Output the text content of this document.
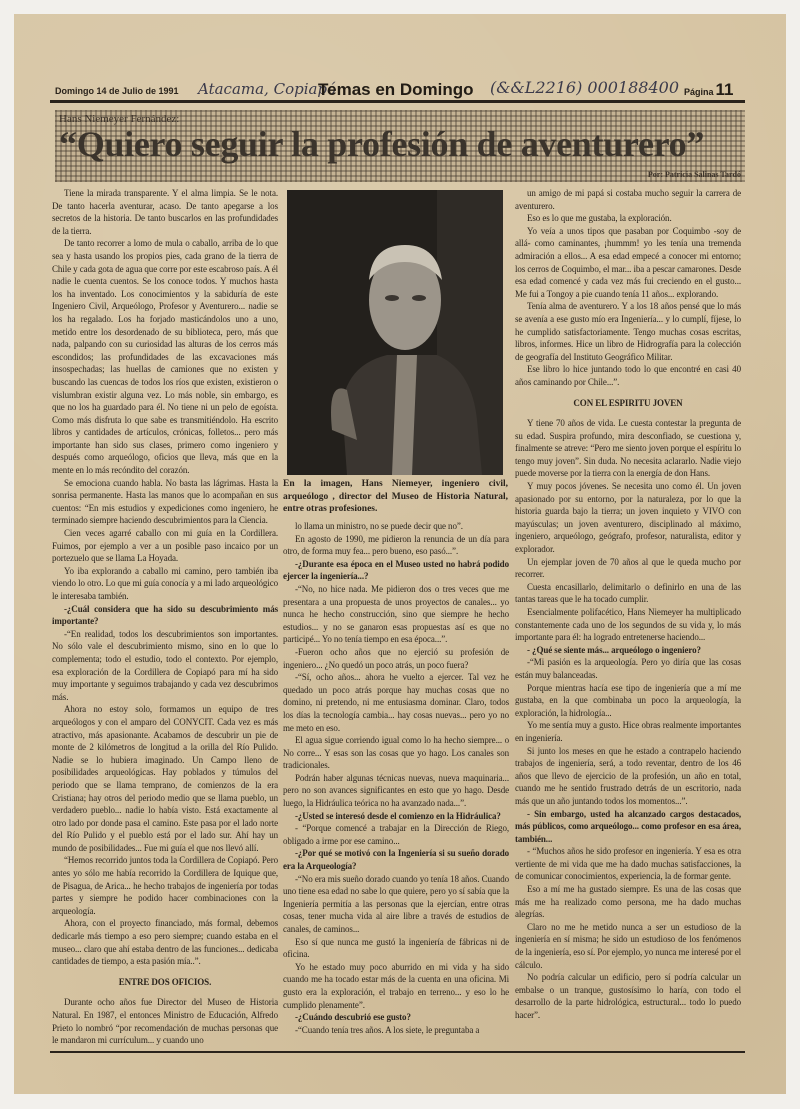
Domingo 14 de Julio de 1991 Atacama, Copiapó
Temas en Domingo (&&L2216) 000188400 Página 11
Hans Niemeyer Fernández:
“Quiero seguir la profesión de aventurero”
Por: Patricia Salinas Tardó
En la imagen, Hans Niemeyer, ingeniero civil, arqueólogo , director del Museo de Historia Natural, entre otras profesiones.

Tiene la mirada transparente. Y el alma limpia. Se le nota. De tanto hacerla aventurar, acaso. De tanto apegarse a los secretos de la historia. De tanto buscarlos en las profundidades de la tierra.

De tanto recorrer a lomo de mula o caballo, arriba de lo que sea y hasta usando los propios pies, cada grano de la tierra de Chile y cada gota de agua que corre por este escabroso país. A él nadie le cuenta cuentos. Se los conoce todos. Y muchos hasta los ha inventado. Los conocimientos y la sabiduría de este Ingeniero Civil, Arqueólogo, Profesor y Aventurero... nadie se los ha regalado. Los ha forjado masticándolos uno a uno, metido entre los desordenado de su biblioteca, pero, más que nada, palpando con su curiosidad las alturas de los cerros más escondidos; las profundidades de las excavaciones más insospechadas; las huellas de camiones que no existen y buscando las cuencas de todos los ríos que existen, existieron o vislumbran existir alguna vez. Lo más noble, sin embargo, es que no los ha guardado para él. No tiene ni un pelo de egoísta. Como más disfruta lo que sabe es transmitiéndolo. Ha escrito libros y cantidades de artículos, crónicas, folletos... pero más importante han sido sus clases, primero como ingeniero y después como arqueólogo, oficios que lleva, más que en la mente en lo más recóndito del corazón.

Se emociona cuando habla. No basta las lágrimas. Hasta la sonrisa permanente. Hasta las manos que lo acompañan en sus cuentos: “En mis estudios y expediciones como ingeniero, he terminado siempre haciendo descubrimientos para la Ciencia.

Cien veces agarré caballo con mi guía en la Cordillera. Fuimos, por ejemplo a ver a un posible paso incaico por un portezuelo que se llama La Hoyada.

Yo iba explorando a caballo mi camino, pero también iba viendo lo otro. Lo que mi guía conocía y a mi lado arqueológico le interesaba también.

-¿Cuál considera que ha sido su descubrimiento más importante?

-“En realidad, todos los descubrimientos son importantes. No sólo vale el descubrimiento mismo, sino en lo que lo complementa; todo el estudio, todo el contexto. Por ejemplo, esa exploración de la Cordillera de Copiapó para mí ha sido muy importante y seguimos trabajando y cada vez descubrimos más.

Ahora no estoy solo, formamos un equipo de tres arqueólogos y con el amparo del CONYCIT. Cada vez es más atractivo, más apasionante. Acabamos de descubrir un pie de monte de 2 kilómetros de longitud a la orilla del Río Pulido. Nadie se lo hubiera imaginado. Un Campo lleno de posibilidades arqueológicas. Hay poblados y túmulos del periodo que se llama temprano, de comienzos de la era Cristiana; hay otros del periodo medio que se llama pueblo, un verdadero pueblo... nadie lo había visto. Está exactamente al otro lado por donde pasa el camino. Este pasa por el lado norte del Río Pulido y el pueblo está por el lado sur. Ahí hay un mundo de posibilidades... Fue mi guía el que nos llevó allí.

“Hemos recorrido juntos toda la Cordillera de Copiapó. Pero antes yo sólo me había recorrido la Cordillera de Iquique que, de Pisagua, de Arica... he hecho trabajos de ingeniería por todas partes y siempre he podido hacer combinaciones con la arqueología.

Ahora, con el proyecto financiado, más formal, debemos dedicarle más tiempo a eso pero siempre; cuando estaba en el museo... claro que ahí estaba dentro de las funciones... dedicaba cantidades de tiempo, a esta pasión mía..”.

ENTRE DOS OFICIOS.

Durante ocho años fue Director del Museo de Historia Natural. En 1987, el entonces Ministro de Educación, Alfredo Prieto lo nombró “por recomendación de muchas personas que le mandaron mi currículum... y cuando uno

lo llama un ministro, no se puede decir que no”.

En agosto de 1990, me pidieron la renuncia de un día para otro, de forma muy fea... pero bueno, eso pasó...”.

-¿Durante esa época en el Museo usted no habrá podido ejercer la ingeniería...?

-“No, no hice nada. Me pidieron dos o tres veces que me presentara a una propuesta de unos proyectos de canales... yo nunca he hecho construcción, sino que siempre he hecho estudios... y no se ganaron esas propuestas así es que no participé... Yo no tenía tiempo en esa época...”.

-Fueron ocho años que no ejerció su profesión de ingeniero... ¿No quedó un poco atrás, un poco fuera?

-“Sí, ocho años... ahora he vuelto a ejercer. Tal vez he quedado un poco atrás porque hay muchas cosas que no domino, ni pretendo, ni me entusiasma dominar. Claro, todos los días la tecnología cambia... hay cosas nuevas... pero yo no me meto en eso.

El agua sigue corriendo igual como lo ha hecho siempre... o No corre... Y esas son las cosas que yo hago. Los canales son tradicionales.

Podrán haber algunas técnicas nuevas, nueva maquinaria... pero no son avances significantes en esto que yo hago. Desde luego, la Hidráulica teórica no ha avanzado nada...”.

-¿Usted se interesó desde el comienzo en la Hidráulica?

- “Porque comencé a trabajar en la Dirección de Riego, obligado a irme por ese camino...

-¿Por qué se motivó con la Ingeniería si su sueño dorado era la Arqueología?

-“No era mis sueño dorado cuando yo tenía 18 años. Cuando uno tiene esa edad no sabe lo que quiere, pero yo sí sabía que la Ingeniería permitía a las personas que la ejercían, entre otras cosas, tener mucha vida al aire libre a través de estudios de canales, de caminos...

Eso sí que nunca me gustó la ingeniería de fábricas ni de oficina.

Yo he estado muy poco aburrido en mi vida y ha sido cuando me ha tocado estar más de la cuenta en una oficina. Mi gusto era la exploración, el trabajo en terreno... y eso lo he cumplido plenamente”.

-¿Cuándo descubrió ese gusto?

-“Cuando tenía tres años. A los siete, le preguntaba a

un amigo de mi papá si costaba mucho seguir la carrera de aventurero.

Eso es lo que me gustaba, la exploración.

Yo veía a unos tipos que pasaban por Coquimbo -soy de allá- como caminantes, ¡hummm! yo les tenía una tremenda admiración a ellos... A esa edad empecé a conocer mi entorno; los cerros de Coquimbo, el mar... iba a pescar camarones. Desde esa edad comencé y cada vez más fui creciendo en el gusto... Me fui a Tongoy a pie cuando tenía 11 años... explorando.

Tenía alma de aventurero. Y a los 18 años pensé que lo más se avenía a ese gusto mío era Ingeniería... y lo cumplí, fíjese, lo he cumplido satisfactoriamente. Tengo muchas cosas escritas, libros, informes. Hice un libro de Hidrografía para la colección de geografía del Instituto Geográfico Militar.

Ese libro lo hice juntando todo lo que encontré en casi 40 años caminando por Chile...”.

CON EL ESPIRITU JOVEN

Y tiene 70 años de vida. Le cuesta contestar la pregunta de su edad. Suspira profundo, mira desconfiado, se cuestiona y, finalmente se atreve: “Pero me siento joven porque el espíritu lo tengo muy joven”. Sin duda. No necesita aclararlo. Nadie viejo puede moverse por la tierra con la energía de don Hans.

Y muy pocos jóvenes. Se necesita uno como él. Un joven apasionado por su entorno, por la naturaleza, por lo que la historia guarda bajo la tierra; un joven inquieto y VIVO con mayúsculas; un joven aventurero, disciplinado al máximo, ingeniero, arqueólogo, geógrafo, profesor, naturalista, editor y explorador.

Un ejemplar joven de 70 años al que le queda mucho por recorrer.

Cuesta encasillarlo, delimitarlo o definirlo en una de las tantas tareas que le ha tocado cumplir.

Esencialmente polifacético, Hans Niemeyer ha multiplicado constantemente cada uno de los segundos de su vida y, lo más importante para él: ha logrado entretenerse haciendo...

- ¿Qué se siente más... arqueólogo o ingeniero?

-“Mi pasión es la arqueología. Pero yo diría que las cosas están muy balanceadas.

Porque mientras hacía ese tipo de ingeniería que a mí me gustaba, en la que combinaba un poco la arqueología, la exploración, la hidrología...

Yo me sentía muy a gusto. Hice obras realmente importantes en ingeniería.

Si junto los meses en que he estado a contrapelo haciendo trabajos de ingeniería, será, a todo reventar, dentro de los 46 años que llevo de ejercicio de la profesión, un año en total, cuando me he sentido frustrado detrás de un escritorio, nada más que un año juntando todos los momentos...”.

- Sin embargo, usted ha alcanzado cargos destacados, más públicos, como arqueólogo... como profesor en esa área, también...

- “Muchos años he sido profesor en ingeniería. Y esa es otra vertiente de mi vida que me ha dado muchas satisfacciones, la de comunicar conocimientos, experiencia, la de formar gente.

Eso a mí me ha gustado siempre. Es una de las cosas que más me ha realizado como persona, me ha dado muchas alegrías.

Claro no me he metido nunca a ser un estudioso de la ingeniería en sí misma; he sido un estudioso de los fenómenos de la ingeniería, eso sí. Por ejemplo, yo nunca me interesé por el cálculo.

No podría calcular un edificio, pero sí podría calcular un embalse o un tranque, gustosísimo lo haría, con todo el desarrollo de la parte hidrológica, estructural... todo lo puedo hacer”.
